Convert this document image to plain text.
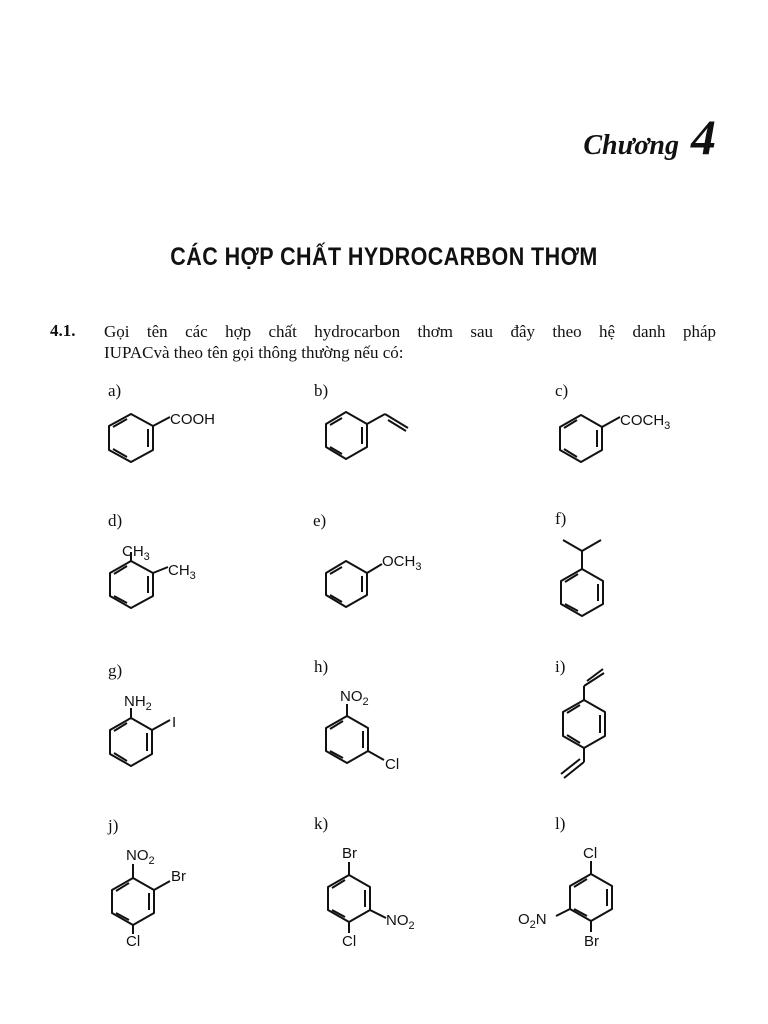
Chương 4
CÁC HỢP CHẤT HYDROCARBON THƠM
4.1. Gọi tên các hợp chất hydrocarbon thơm sau đây theo hệ danh pháp
IUPACvà theo tên gọi thông thường nếu có:
a)	b)	c)
d)	e)	f)
g)	h)	i)
j)	k)	l)
COOH	$COCH_3$
$CH_3$
$CH_3$
$OCH_3$
$NH_2$
I
$NO_2$
Cl
$NO_2$
Br
Cl
Br
$NO_2$
Cl
Cl
$O_2N$
Br
